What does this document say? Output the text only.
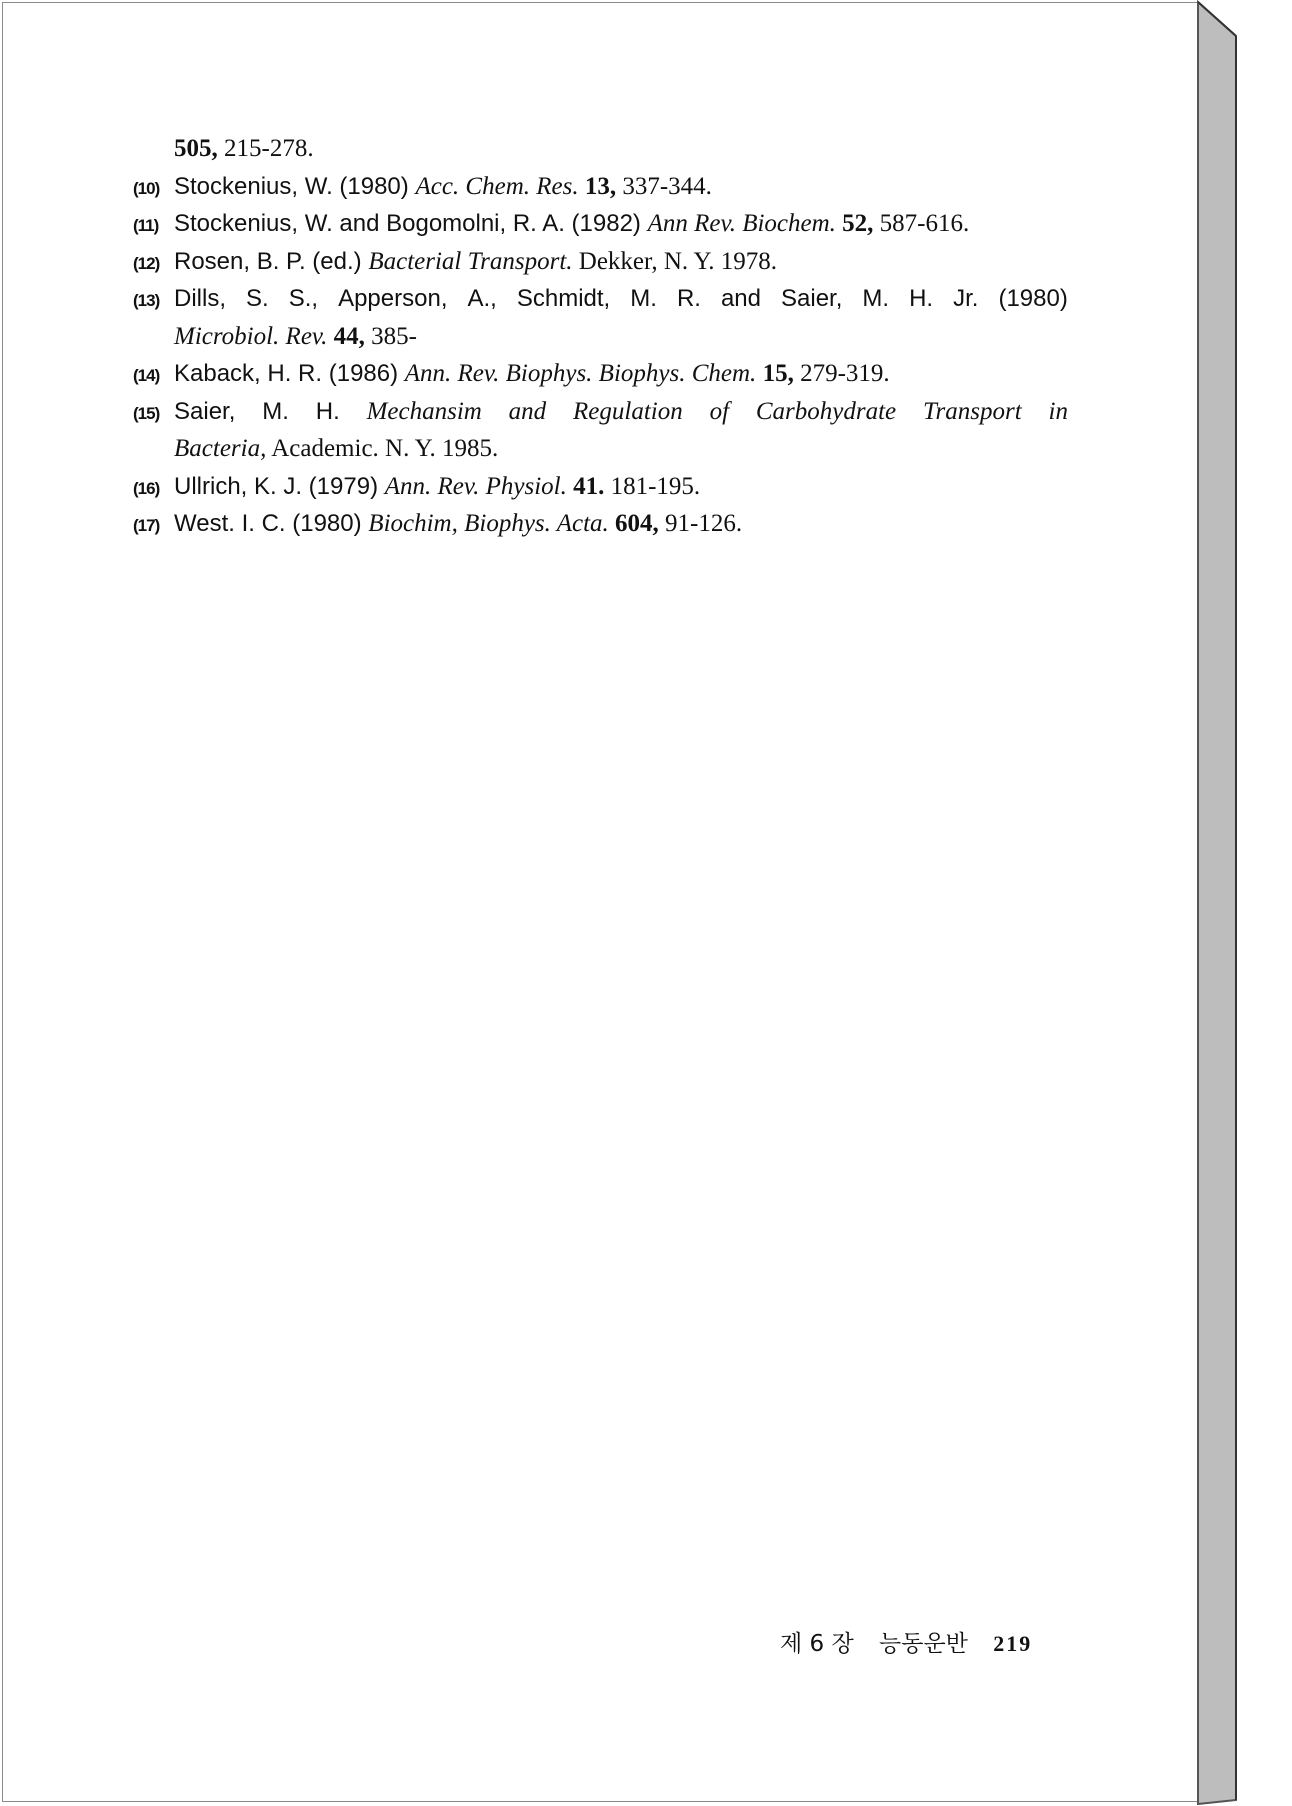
505, 215-278.
(10) Stockenius, W. (1980) Acc. Chem. Res. 13, 337-344.
(11) Stockenius, W. and Bogomolni, R. A. (1982) Ann Rev. Biochem. 52, 587-616.
(12) Rosen, B. P. (ed.) Bacterial Transport. Dekker, N. Y. 1978.
(13) Dills, S. S., Apperson, A., Schmidt, M. R. and Saier, M. H. Jr. (1980)
Microbiol. Rev. 44, 385-
(14) Kaback, H. R. (1986) Ann. Rev. Biophys. Biophys. Chem. 15, 279-319.
(15) Saier, M. H. Mechansim and Regulation of Carbohydrate Transport in
Bacteria, Academic. N. Y. 1985.
(16) Ullrich, K. J. (1979) Ann. Rev. Physiol. 41. 181-195.
(17) West. I. C. (1980) Biochim, Biophys. Acta. 604, 91-126.
제 6 장 능동운반 219
